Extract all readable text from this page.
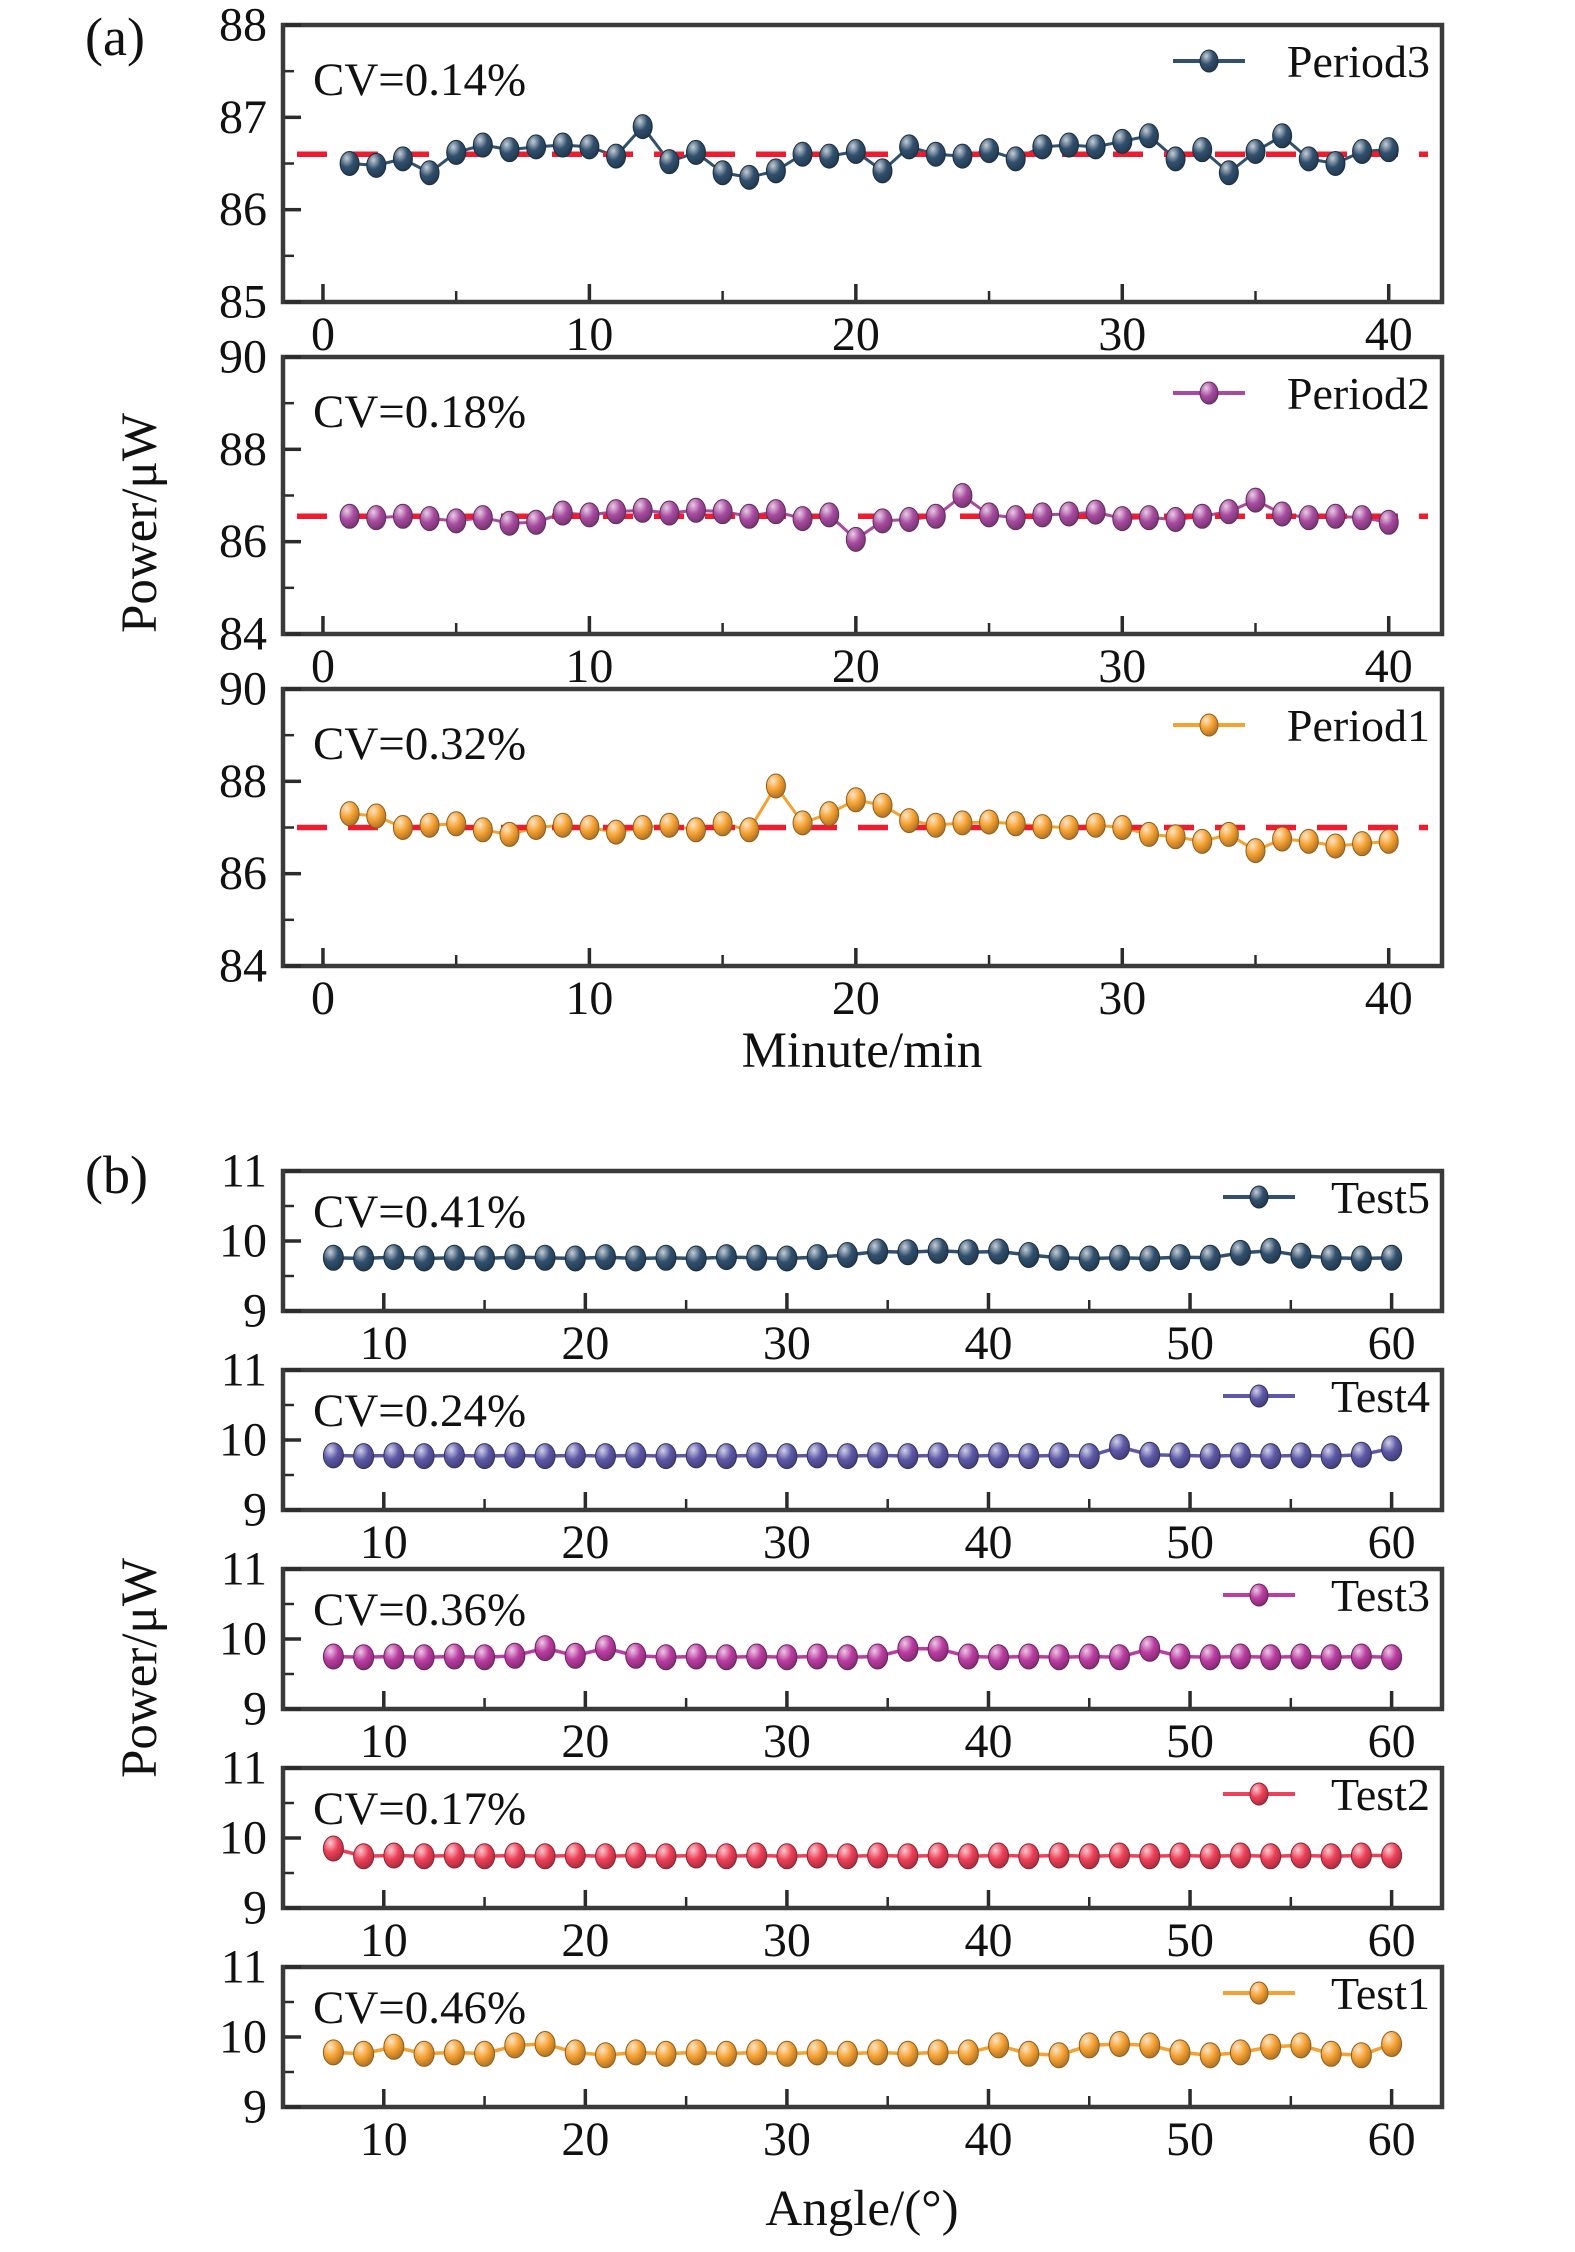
(a)
(b)
Power/μW
Power/μW
Minute/min
Angle/(°)
85
86
87
88
0	10	20	30	40
CV=0.14%	Period3
84
86
88
90
0	10	20	30	40
CV=0.18%	Period2
84
86
88
90
0	10	20	30	40
CV=0.32%	Period1
9
10
11
10	20	30	40	50	60
CV=0.41%	Test5
9
10
11
10	20	30	40	50	60
CV=0.24%	Test4
9
10
11
10	20	30	40	50	60
CV=0.36%	Test3
9
10
11
10	20	30	40	50	60
CV=0.17%	Test2
9
10
11
10	20	30	40	50	60
CV=0.46%	Test1
